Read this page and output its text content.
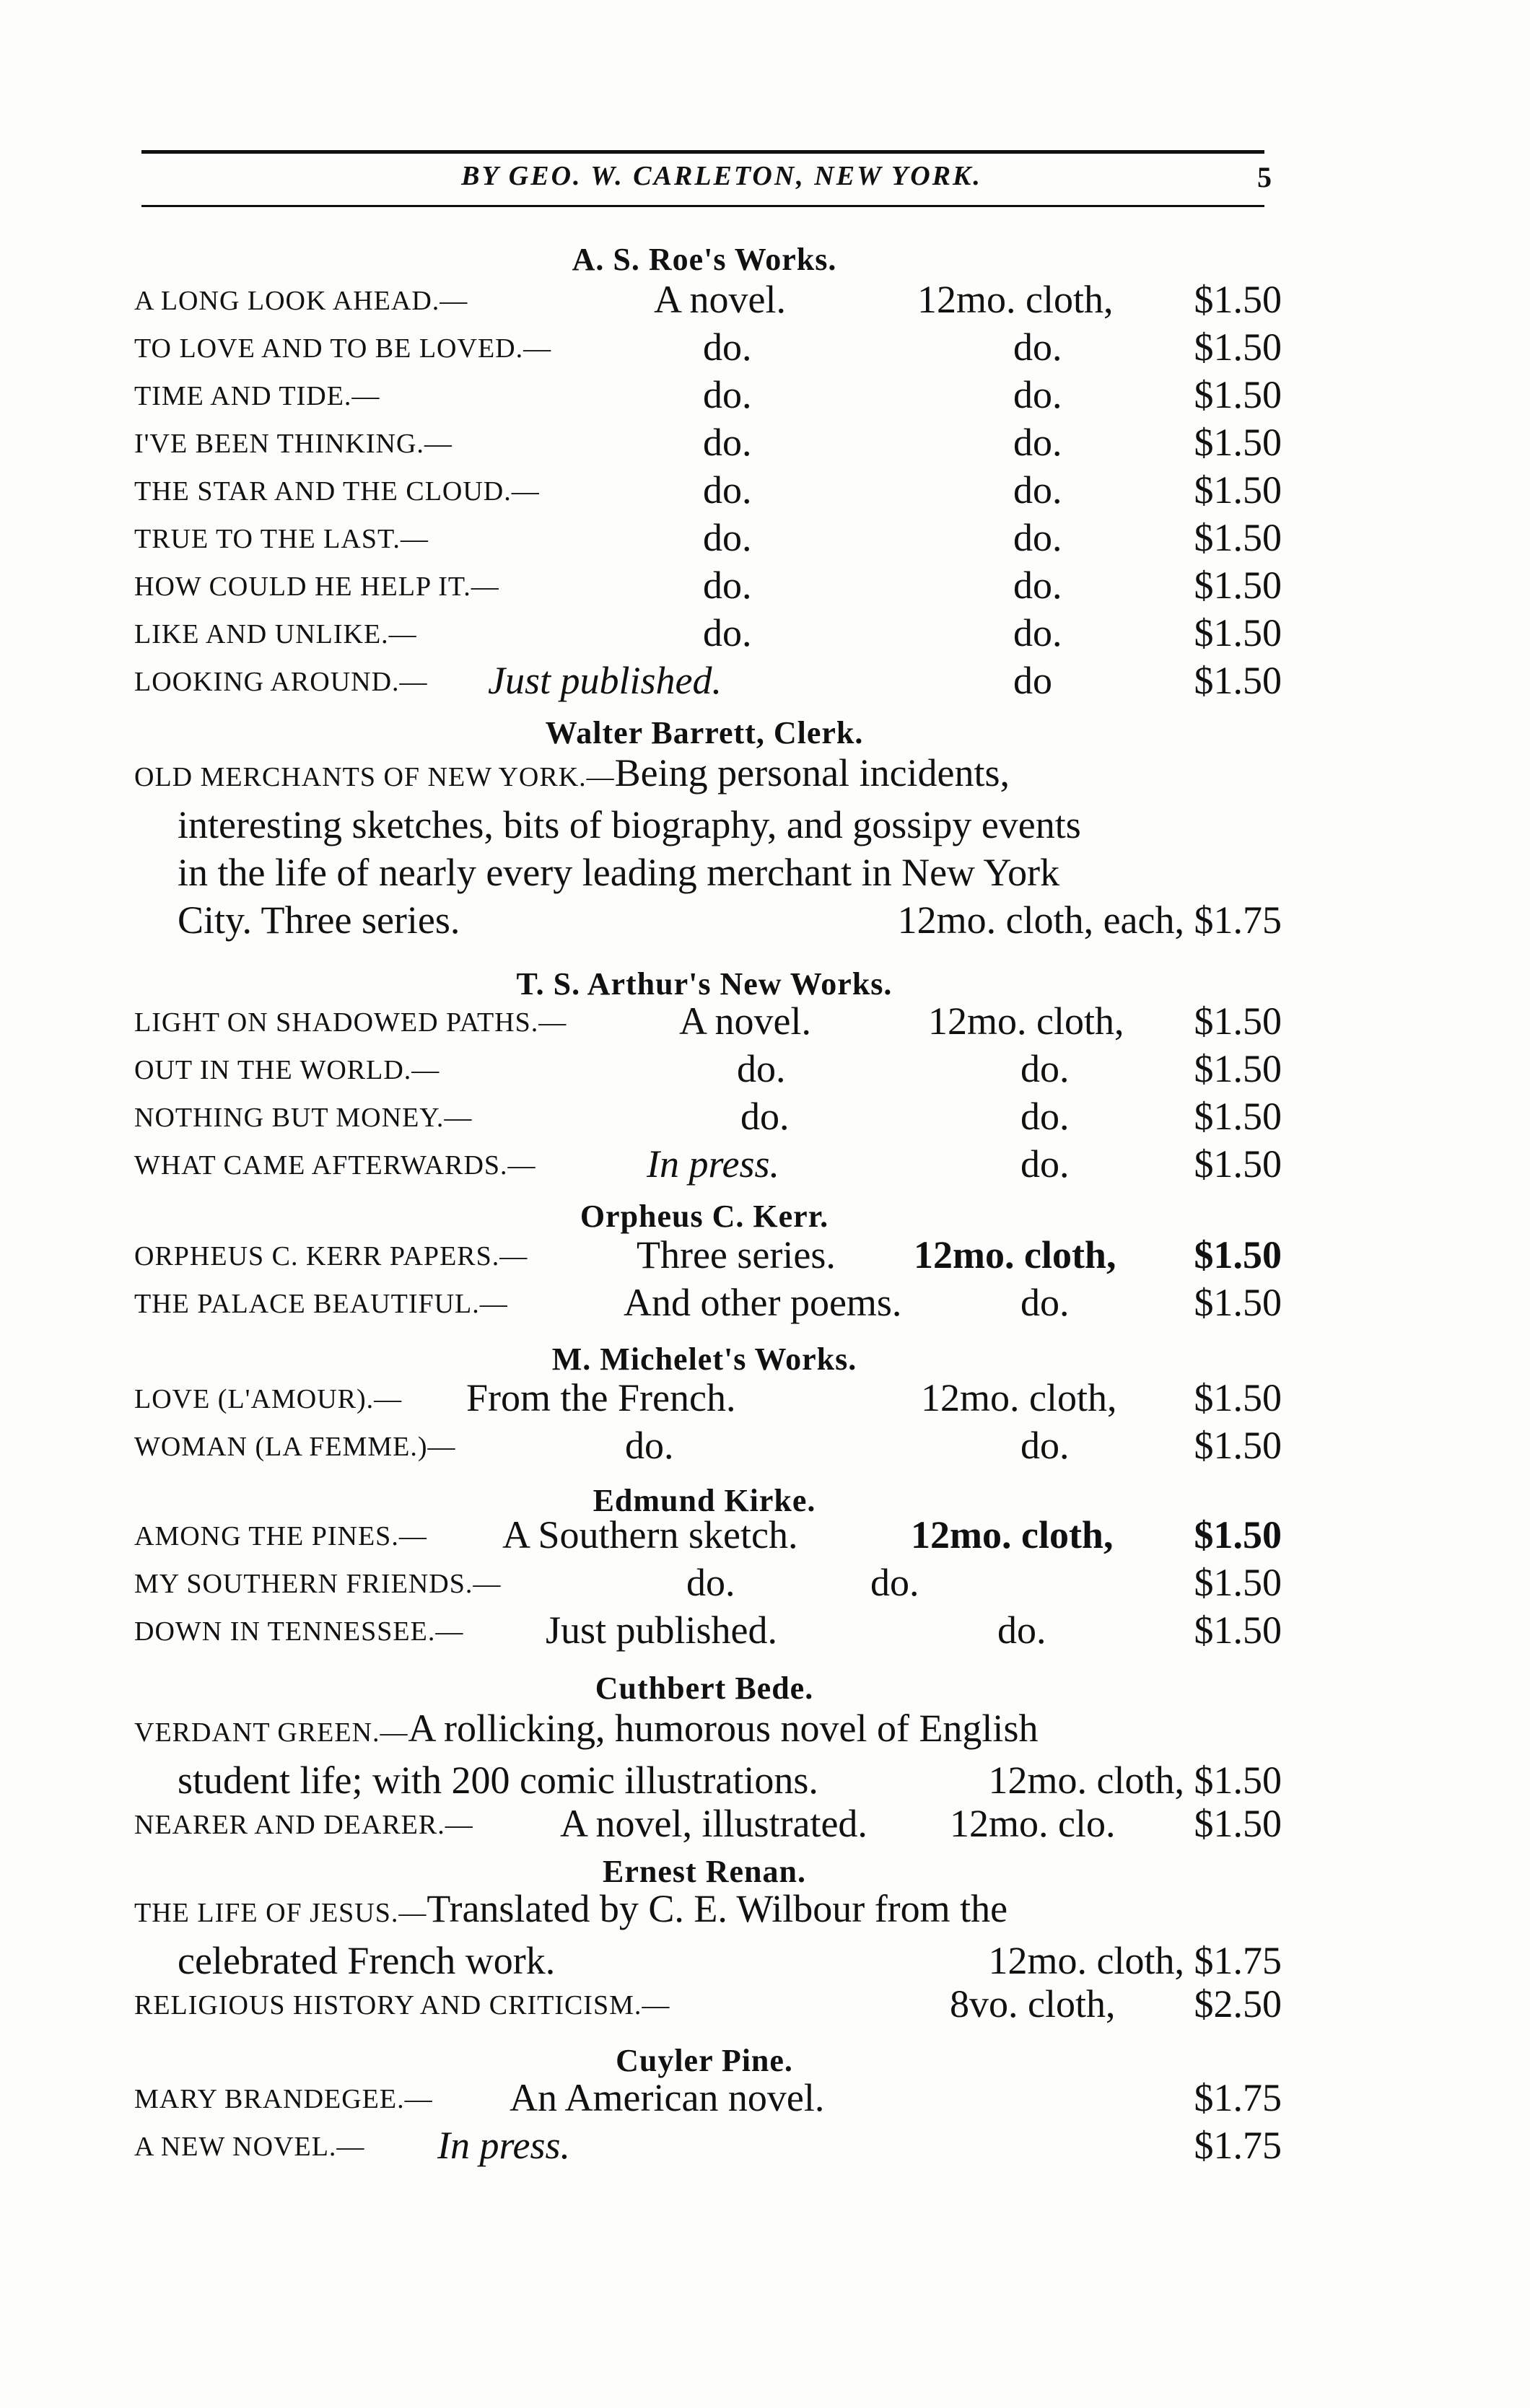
BY GEO. W. CARLETON, NEW YORK.	5
A. S. Roe's Works.
A LONG LOOK AHEAD.—	A novel.	12mo. cloth, $1.50
TO LOVE AND TO BE LOVED.—	do.	do.	$1.50
TIME AND TIDE.—	do.	do.	$1.50
I'VE BEEN THINKING.—	do.	do.	$1.50
THE STAR AND THE CLOUD.—	do.	do.	$1.50
TRUE TO THE LAST.—	do.	do.	$1.50
HOW COULD HE HELP IT.—	do.	do.	$1.50
LIKE AND UNLIKE.—	do.	do.	$1.50
LOOKING AROUND.— Just published.	do	$1.50
Walter Barrett, Clerk.
OLD MERCHANTS OF NEW YORK.—Being personal incidents,
interesting sketches, bits of biography, and gossipy events
in the life of nearly every leading merchant in New York
City. Three series.	12mo. cloth, each, $1.75
T. S. Arthur's New Works.
LIGHT ON SHADOWED PATHS.—	A novel.	12mo. cloth, $1.50
OUT IN THE WORLD.—	do.	do.	$1.50
NOTHING BUT MONEY.—	do.	do.	$1.50
WHAT CAME AFTERWARDS.—	In press.	do.	$1.50
Orpheus C. Kerr.
ORPHEUS C. KERR PAPERS.—	Three series. 12mo. cloth, $1.50
THE PALACE BEAUTIFUL.—	And other poems.	do.	$1.50
M. Michelet's Works.
LOVE (L'AMOUR).— From the French.	12mo. cloth, $1.50
WOMAN (LA FEMME.)—	do.	do.	$1.50
Edmund Kirke.
AMONG THE PINES.— A Southern sketch.	12mo. cloth, $1.50
MY SOUTHERN FRIENDS.—	do.	do.	$1.50
DOWN IN TENNESSEE.— Just published.	do.	$1.50
Cuthbert Bede.
VERDANT GREEN.—A rollicking, humorous novel of English
student life; with 200 comic illustrations.	12mo. cloth, $1.50
NEARER AND DEARER.— A novel, illustrated. 12mo. clo. $1.50
Ernest Renan.
THE LIFE OF JESUS.—Translated by C. E. Wilbour from the
celebrated French work.	12mo. cloth, $1.75
RELIGIOUS HISTORY AND CRITICISM.—	8vo. cloth, $2.50
Cuyler Pine.
MARY BRANDEGEE.— An American novel.	$1.75
A NEW NOVEL.— In press.	$1.75
